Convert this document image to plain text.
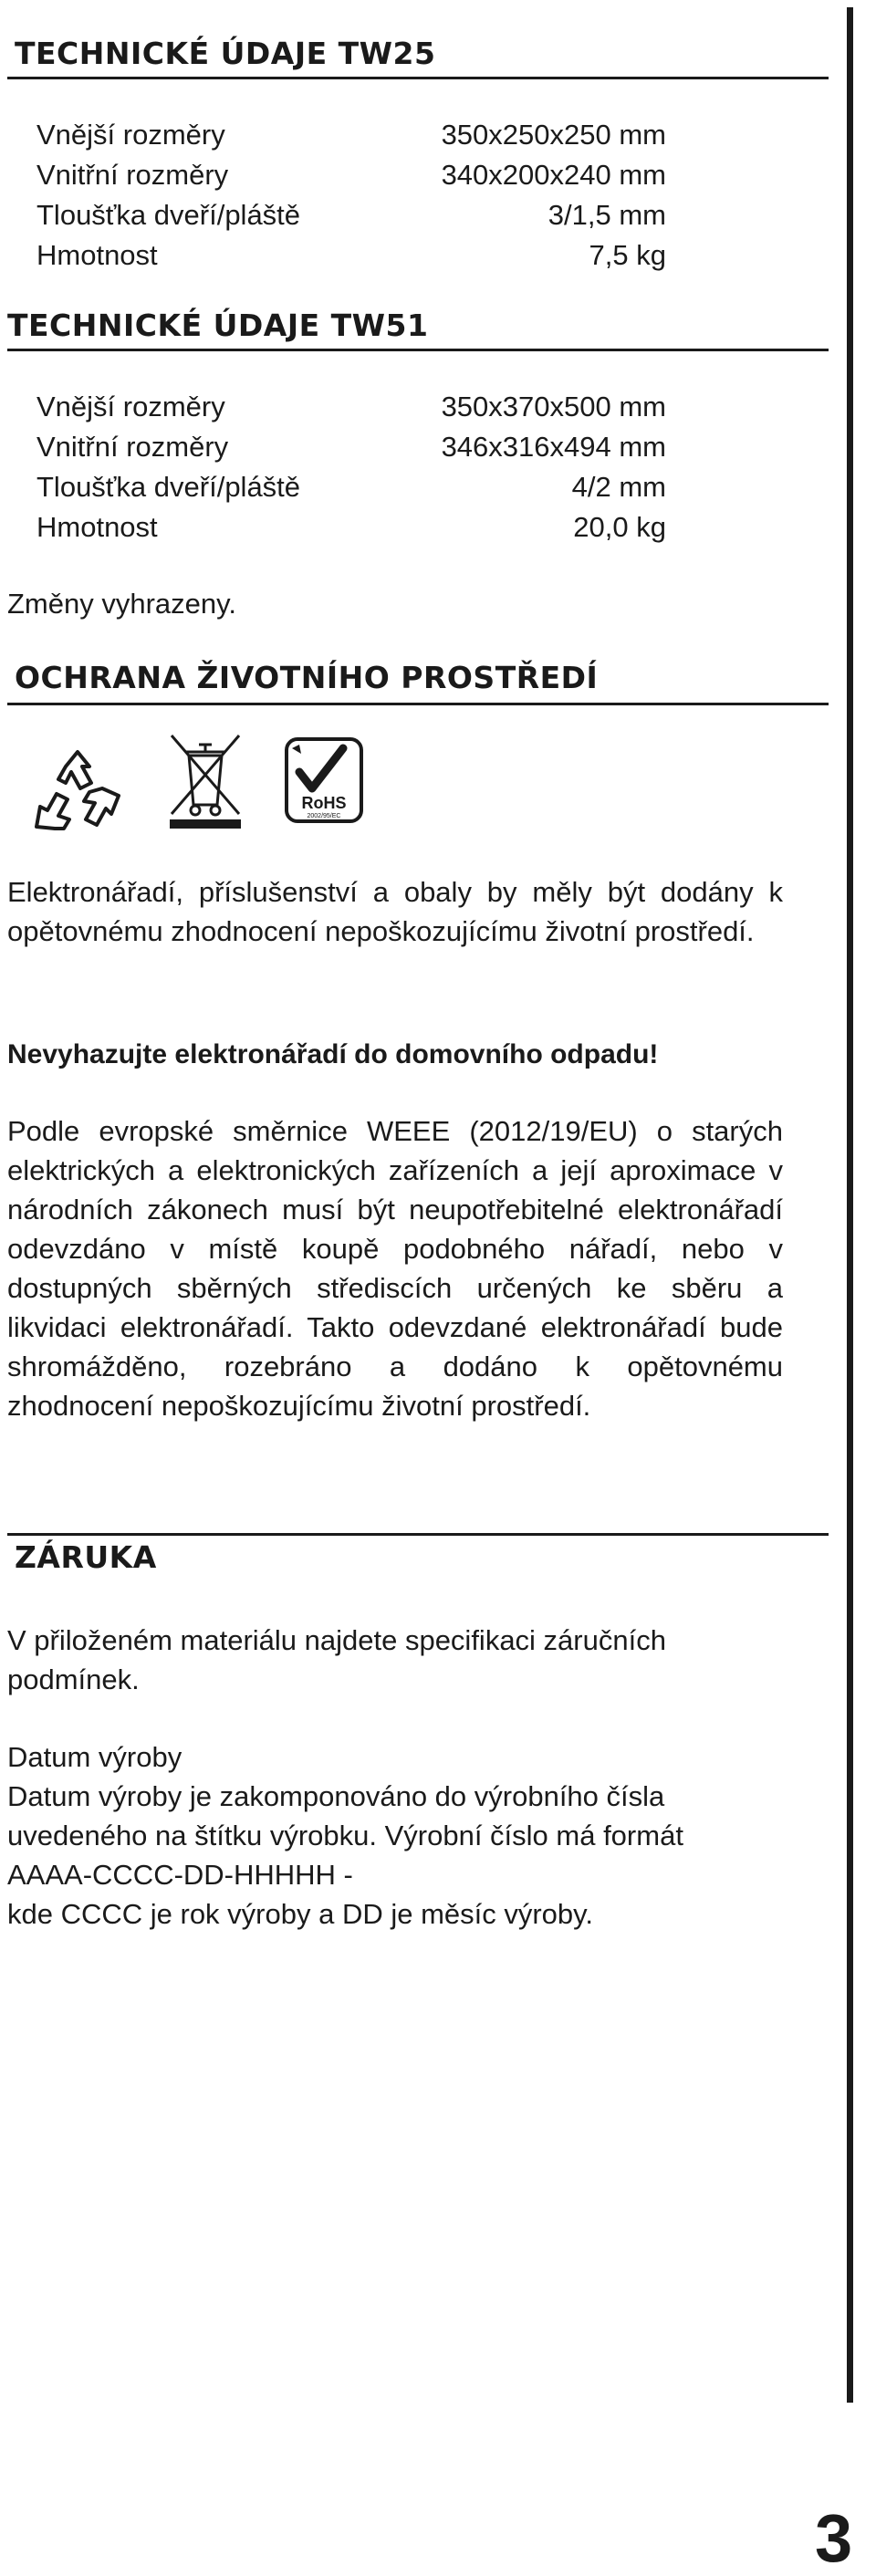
TECHNICKÉ ÚDAJE TW25
Vnější rozměry	350x250x250 mm
Vnitřní rozměry	340x200x240 mm
Tloušťka dveří/pláště	3/1,5 mm
Hmotnost	7,5 kg
TECHNICKÉ ÚDAJE TW51
Vnější rozměry	350x370x500 mm
Vnitřní rozměry	346x316x494 mm
Tloušťka dveří/pláště	4/2 mm
Hmotnost	20,0 kg
Změny vyhrazeny.
OCHRANA ŽIVOTNÍHO PROSTŘEDÍ
RoHS
2002/95/EC
Elektronářadí, příslušenství a obaly by měly být dodány k opětovnému zhodnocení nepoškozujícímu životní prostředí.
Nevyhazujte elektronářadí do domovního odpadu!
Podle evropské směrnice WEEE (2012/19/EU) o starých elektrických a elektronických zařízeních a její aproximace v národních zákonech musí být neupotřebitelné elektronářadí odevzdáno v místě koupě podobného nářadí, nebo v dostupných sběrných střediscích určených ke sběru a likvidaci elektronářadí. Takto odevzdané elektronářadí bude shromážděno, rozebráno a dodáno k opětovnému zhodnocení nepoškozujícímu životní prostředí.
ZÁRUKA
V přiloženém materiálu najdete specifikaci záručních podmínek.
Datum výroby
Datum výroby je zakomponováno do výrobního čísla
uvedeného na štítku výrobku. Výrobní číslo má formát
AAAA-CCCC-DD-HHHHH -
kde CCCC je rok výroby a DD je měsíc výroby.
3
